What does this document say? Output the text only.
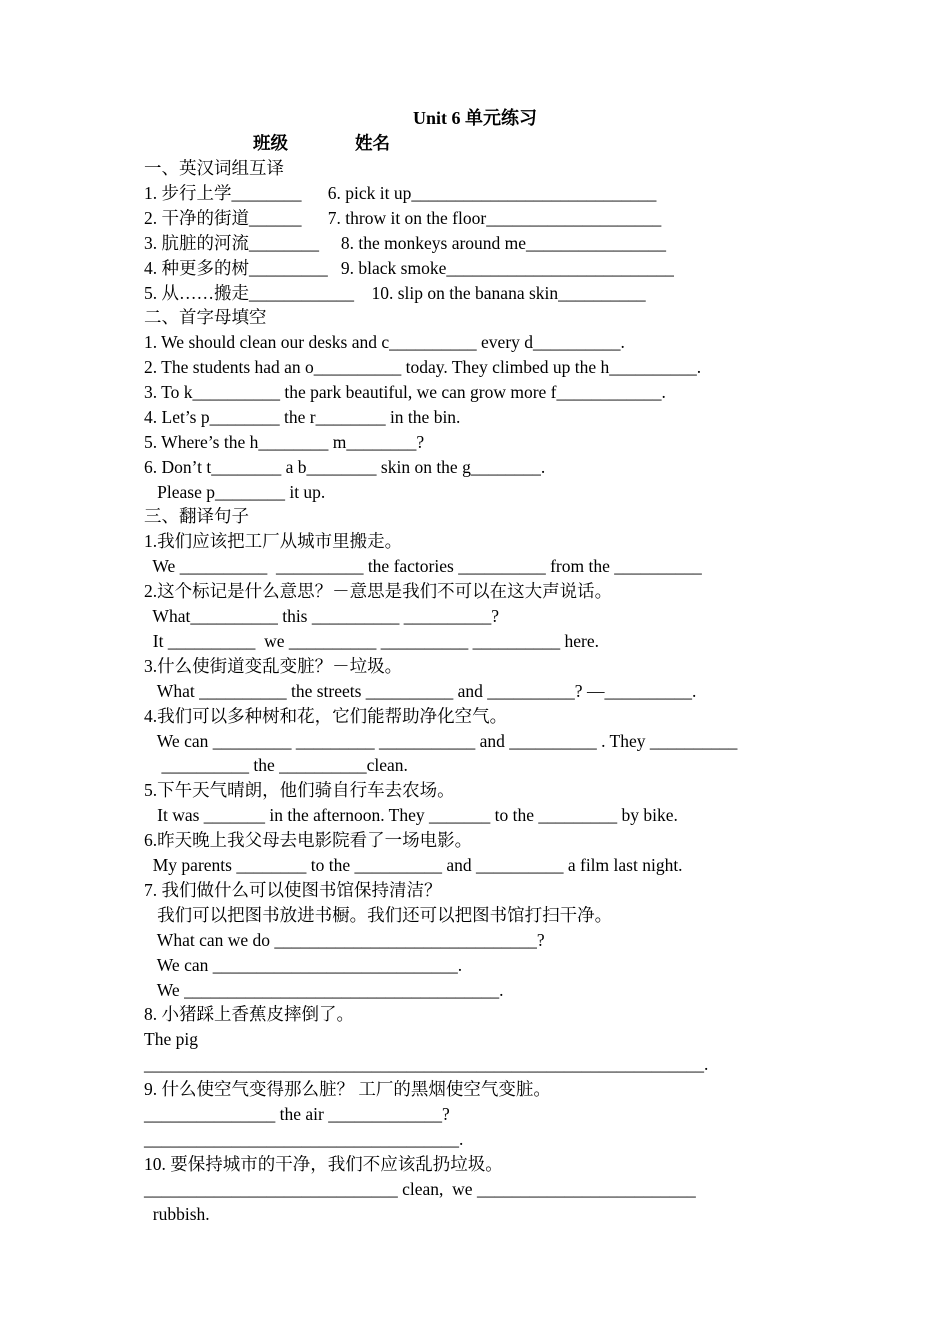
Unit 6 单元练习
班级	姓名
一、英汉词组互译
1. 步行上学________      6. pick it up____________________________
2. 干净的街道______      7. throw it on the floor____________________
3. 肮脏的河流________     8. the monkeys around me________________
4. 种更多的树_________   9. black smoke__________________________
5. 从……搬走____________    10. slip on the banana skin__________
二、首字母填空
1. We should clean our desks and c__________ every d__________.
2. The students had an o__________ today. They climbed up the h__________.
3. To k__________ the park beautiful, we can grow more f____________.
4. Let’s p________ the r________ in the bin.
5. Where’s the h________ m________?
6. Don’t t________ a b________ skin on the g________.
Please p________ it up.
三、翻译句子
1.我们应该把工厂从城市里搬走。
We __________  __________ the factories __________ from the __________
2.这个标记是什么意思？－意思是我们不可以在这大声说话。
What__________ this __________ __________?
It __________  we __________ __________ __________ here.
3.什么使街道变乱变脏？－垃圾。
What __________ the streets __________ and __________? —__________.
4.我们可以多种树和花，它们能帮助净化空气。
We can _________ _________ ___________ and __________ . They __________
__________ the __________clean.
5.下午天气晴朗，他们骑自行车去农场。
It was _______ in the afternoon. They _______ to the _________ by bike.
6.昨天晚上我父母去电影院看了一场电影。
My parents ________ to the __________ and __________ a film last night.
7. 我们做什么可以使图书馆保持清洁？
我们可以把图书放进书橱。我们还可以把图书馆打扫干净。
What can we do ______________________________?
We can ____________________________.
We ____________________________________.
8. 小猪踩上香蕉皮摔倒了。
The pig
________________________________________________________________.
9. 什么使空气变得那么脏？ 工厂的黑烟使空气变脏。
_______________ the air _____________?
____________________________________.
10. 要保持城市的干净，我们不应该乱扔垃圾。
_____________________________ clean,  we _________________________
rubbish.
